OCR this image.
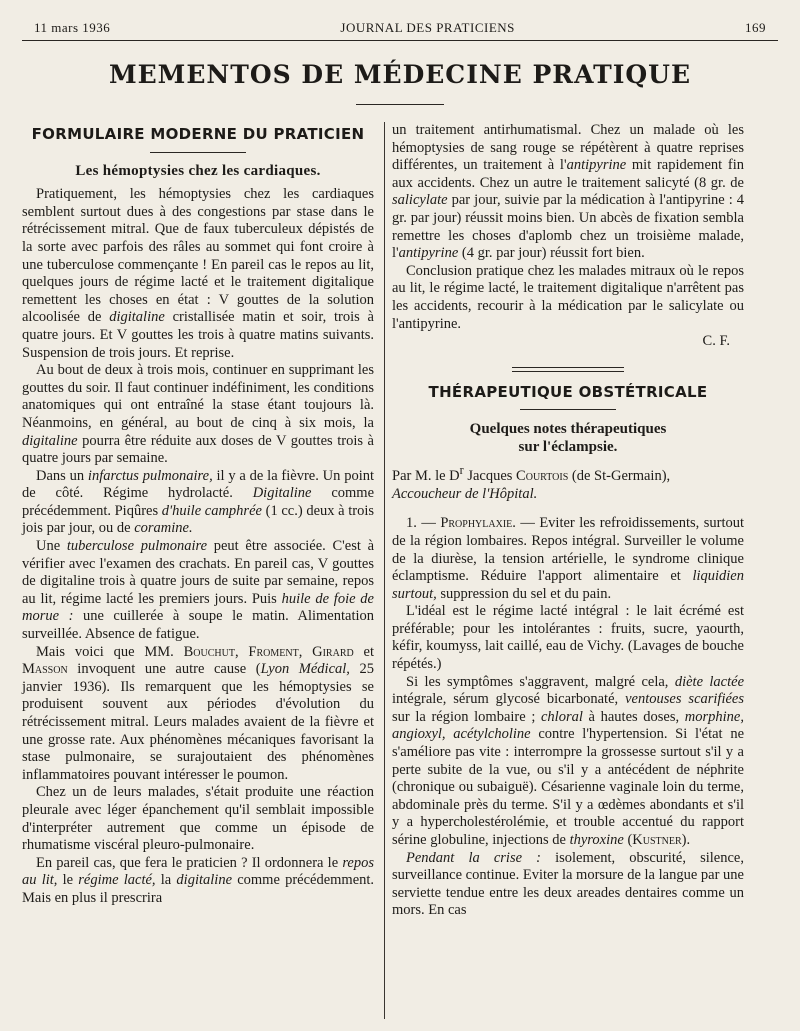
11 mars 1936	JOURNAL DES PRATICIENS	169
MEMENTOS DE MÉDECINE PRATIQUE
FORMULAIRE MODERNE DU PRATICIEN
Les hémoptysies chez les cardiaques.

Pratiquement, les hémoptysies chez les cardiaques semblent surtout dues à des congestions par stase dans le rétrécissement mitral. Que de faux tuberculeux dépistés de la sorte avec parfois des râles au sommet qui font croire à une tuberculose commençante ! En pareil cas le repos au lit, quelques jours de régime lacté et le traitement digitalique remettent les choses en état : V gouttes de la solution alcoolisée de digitaline cristallisée matin et soir, trois à quatre jours. Et V gouttes les trois à quatre matins suivants. Suspension de trois jours. Et reprise.

Au bout de deux à trois mois, continuer en supprimant les gouttes du soir. Il faut continuer indéfiniment, les conditions anatomiques qui ont entraîné la stase étant toujours là. Néanmoins, en général, au bout de cinq à six mois, la digitaline pourra être réduite aux doses de V gouttes trois à quatre jours par semaine.

Dans un infarctus pulmonaire, il y a de la fièvre. Un point de côté. Régime hydrolacté. Digitaline comme précédemment. Piqûres d'huile camphrée (1 cc.) deux à trois jois par jour, ou de coramine.

Une tuberculose pulmonaire peut être associée. C'est à vérifier avec l'examen des crachats. En pareil cas, V gouttes de digitaline trois à quatre jours de suite par semaine, repos au lit, régime lacté les premiers jours. Puis huile de foie de morue : une cuillerée à soupe le matin. Alimentation surveillée. Absence de fatigue.

Mais voici que MM. Bouchut, Froment, Girard et Masson invoquent une autre cause (Lyon Médical, 25 janvier 1936). Ils remarquent que les hémoptysies se produisent souvent aux périodes d'évolution du rétrécissement mitral. Leurs malades avaient de la fièvre et une grosse rate. Aux phénomènes mécaniques favorisant la stase pulmonaire, se surajoutaient des phénomènes inflammatoires pouvant intéresser le poumon.

Chez un de leurs malades, s'était produite une réaction pleurale avec léger épanchement qu'il semblait impossible d'interpréter autrement que comme un épisode de rhumatisme viscéral pleuro-pulmonaire.

En pareil cas, que fera le praticien ? Il ordonnera le repos au lit, le régime lacté, la digitaline comme précédemment. Mais en plus il prescrira

un traitement antirhumatismal. Chez un malade où les hémoptysies de sang rouge se répétèrent à quatre reprises différentes, un traitement à l'antipyrine mit rapidement fin aux accidents. Chez un autre le traitement salicyté (8 gr. de salicylate par jour, suivie par la médication à l'antipyrine : 4 gr. par jour) réussit moins bien. Un abcès de fixation sembla remettre les choses d'aplomb chez un troisième malade, l'antipyrine (4 gr. par jour) réussit fort bien.

Conclusion pratique chez les malades mitraux où le repos au lit, le régime lacté, le traitement digitalique n'arrêtent pas les accidents, recourir à la médication par le salicylate ou l'antipyrine.

C. F.

THÉRAPEUTIQUE OBSTÉTRICALE
Quelques notes thérapeutiques
sur l'éclampsie.

Par M. le $D^r$ Jacques Courtois (de St-Germain),

Accoucheur de l'Hôpital.

1. — Prophylaxie. — Eviter les refroidissements, surtout de la région lombaires. Repos intégral. Surveiller le volume de la diurèse, la tension artérielle, le syndrome clinique éclamptisme. Réduire l'apport alimentaire et liquidien surtout, suppression du sel et du pain.

L'idéal est le régime lacté intégral : le lait écrémé est préférable; pour les intolérantes : fruits, sucre, yaourth, kéfir, koumyss, lait caillé, eau de Vichy. (Lavages de bouche répétés.)

Si les symptômes s'aggravent, malgré cela, diète lactée intégrale, sérum glycosé bicarbonaté, ventouses scarifiées sur la région lombaire ; chloral à hautes doses, morphine, angioxyl, acétylcholine contre l'hypertension. Si l'état ne s'améliore pas vite : interrompre la grossesse surtout s'il y a perte subite de la vue, ou s'il y a antécédent de néphrite (chronique ou subaiguë). Césarienne vaginale loin du terme, abdominale près du terme. S'il y a œdèmes abondants et s'il y a hypercholestérolémie, et trouble accentué du rapport sérine globuline, injections de thyroxine (Kustner).

Pendant la crise : isolement, obscurité, silence, surveillance continue. Eviter la morsure de la langue par une serviette tendue entre les deux areades dentaires comme un mors. En cas
